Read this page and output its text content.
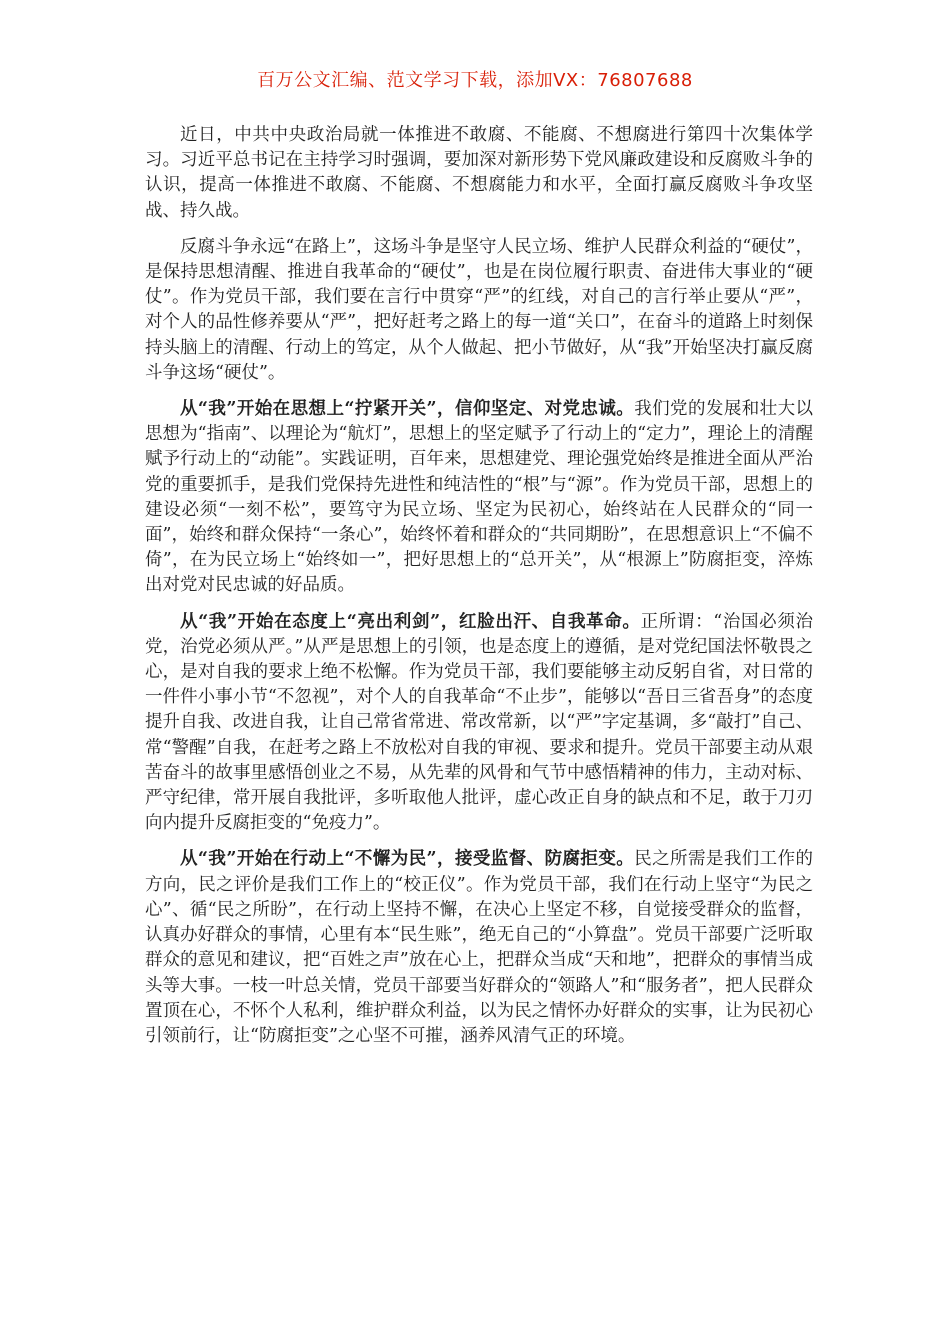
百万公文汇编、范文学习下载，添加VX：76807688

近日，中共中央政治局就一体推进不敢腐、不能腐、不想腐进行第四十次集体学习。习近平总书记在主持学习时强调，要加深对新形势下党风廉政建设和反腐败斗争的认识，提高一体推进不敢腐、不能腐、不想腐能力和水平，全面打赢反腐败斗争攻坚战、持久战。

反腐斗争永远“在路上”，这场斗争是坚守人民立场、维护人民群众利益的“硬仗”，是保持思想清醒、推进自我革命的“硬仗”，也是在岗位履行职责、奋进伟大事业的“硬仗”。作为党员干部，我们要在言行中贯穿“严”的红线，对自己的言行举止要从“严”，对个人的品性修养要从“严”，把好赶考之路上的每一道“关口”，在奋斗的道路上时刻保持头脑上的清醒、行动上的笃定，从个人做起、把小节做好，从“我”开始坚决打赢反腐斗争这场“硬仗”。

从“我”开始在思想上“拧紧开关”，信仰坚定、对党忠诚。我们党的发展和壮大以思想为“指南”、以理论为“航灯”，思想上的坚定赋予了行动上的“定力”，理论上的清醒赋予行动上的“动能”。实践证明，百年来，思想建党、理论强党始终是推进全面从严治党的重要抓手，是我们党保持先进性和纯洁性的“根”与“源”。作为党员干部，思想上的建设必须“一刻不松”，要笃守为民立场、坚定为民初心，始终站在人民群众的“同一面”，始终和群众保持“一条心”，始终怀着和群众的“共同期盼”，在思想意识上“不偏不倚”，在为民立场上“始终如一”，把好思想上的“总开关”，从“根源上”防腐拒变，淬炼出对党对民忠诚的好品质。

从“我”开始在态度上“亮出利剑”，红脸出汗、自我革命。正所谓：“治国必须治党，治党必须从严。”从严是思想上的引领，也是态度上的遵循，是对党纪国法怀敬畏之心，是对自我的要求上绝不松懈。作为党员干部，我们要能够主动反躬自省，对日常的一件件小事小节“不忽视”，对个人的自我革命“不止步”，能够以“吾日三省吾身”的态度提升自我、改进自我，让自己常省常进、常改常新，以“严”字定基调，多“敲打”自己、常“警醒”自我，在赶考之路上不放松对自我的审视、要求和提升。党员干部要主动从艰苦奋斗的故事里感悟创业之不易，从先辈的风骨和气节中感悟精神的伟力，主动对标、严守纪律，常开展自我批评，多听取他人批评，虚心改正自身的缺点和不足，敢于刀刃向内提升反腐拒变的“免疫力”。

从“我”开始在行动上“不懈为民”，接受监督、防腐拒变。民之所需是我们工作的方向，民之评价是我们工作上的“校正仪”。作为党员干部，我们在行动上坚守“为民之心”、循“民之所盼”，在行动上坚持不懈，在决心上坚定不移，自觉接受群众的监督，认真办好群众的事情，心里有本“民生账”，绝无自己的“小算盘”。党员干部要广泛听取群众的意见和建议，把“百姓之声”放在心上，把群众当成“天和地”，把群众的事情当成头等大事。一枝一叶总关情，党员干部要当好群众的“领路人”和“服务者”，把人民群众置顶在心，不怀个人私利，维护群众利益，以为民之情怀办好群众的实事，让为民初心引领前行，让“防腐拒变”之心坚不可摧，涵养风清气正的环境。
